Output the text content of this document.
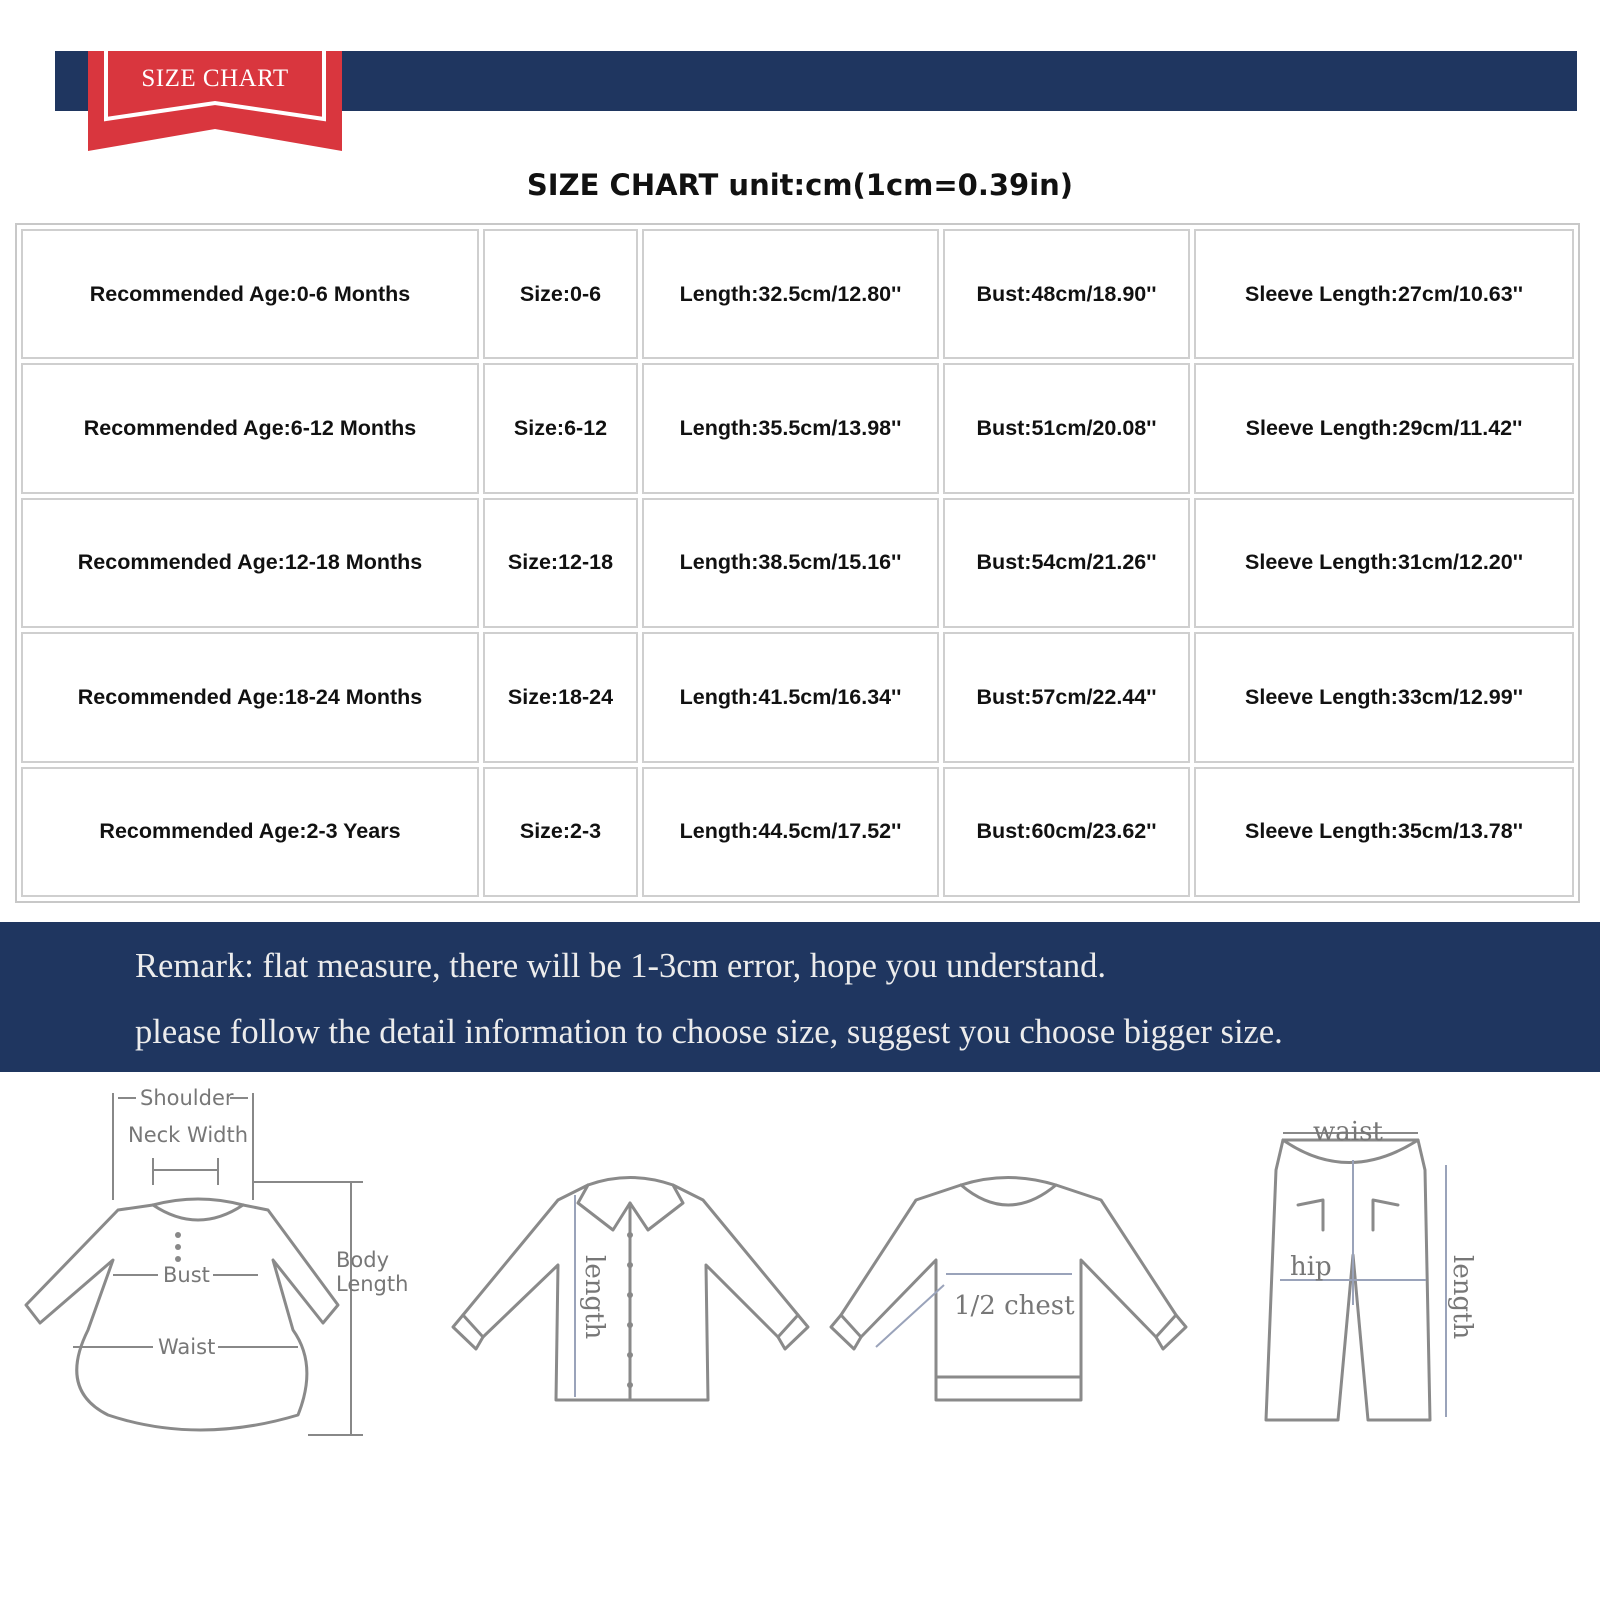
SIZE CHART
SIZE CHART unit:cm(1cm=0.39in)
Recommended Age:0-6 Months	Size:0-6	Length:32.5cm/12.80''	Bust:48cm/18.90''	Sleeve Length:27cm/10.63''
Recommended Age:6-12 Months	Size:6-12	Length:35.5cm/13.98''	Bust:51cm/20.08''	Sleeve Length:29cm/11.42''
Recommended Age:12-18 Months	Size:12-18	Length:38.5cm/15.16''	Bust:54cm/21.26''	Sleeve Length:31cm/12.20''
Recommended Age:18-24 Months	Size:18-24	Length:41.5cm/16.34''	Bust:57cm/22.44''	Sleeve Length:33cm/12.99''
Recommended Age:2-3 Years	Size:2-3	Length:44.5cm/17.52''	Bust:60cm/23.62''	Sleeve Length:35cm/13.78''
Remark: flat measure, there will be 1-3cm error, hope you understand.
please follow the detail information to choose size, suggest you choose bigger size.
Shoulder
Neck Width
Bust
Waist
Body
Length	length	1/2 chest
waist
hip	length
